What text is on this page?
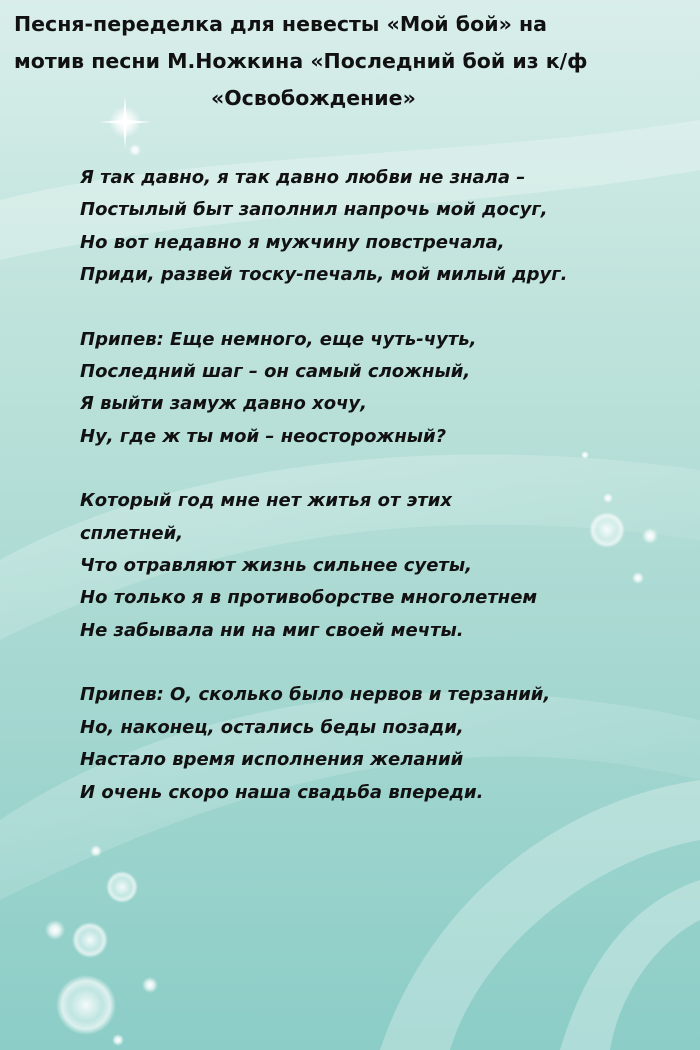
Песня-переделка для невесты «Мой бой» на
мотив песни М.Ножкина «Последний бой из к/ф
«Освобождение»
Я так давно, я так давно любви не знала –
Постылый быт заполнил напрочь мой досуг,
Но вот недавно я мужчину повстречала,
Приди, развей тоску-печаль, мой милый друг.
Припев: Еще немного, еще чуть-чуть,
Последний шаг – он самый сложный,
Я выйти замуж давно хочу,
Ну, где ж ты мой – неосторожный?
Который год мне нет житья от этих
сплетней,
Что отравляют жизнь сильнее суеты,
Но только я в противоборстве многолетнем
Не забывала ни на миг своей мечты.
Припев: О, сколько было нервов и терзаний,
Но, наконец, остались беды позади,
Настало время исполнения желаний
И очень скоро наша свадьба впереди.
